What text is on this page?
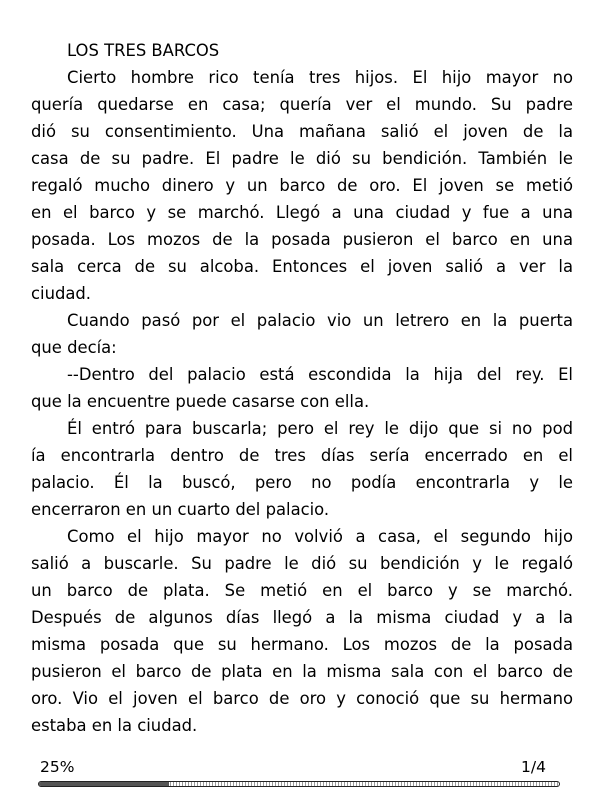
LOS TRES BARCOS
Cierto hombre rico tenía tres hijos. El hijo mayor no
quería quedarse en casa; quería ver el mundo. Su padre
dió su consentimiento. Una mañana salió el joven de la
casa de su padre. El padre le dió su bendición. También le
regaló mucho dinero y un barco de oro. El joven se metió
en el barco y se marchó. Llegó a una ciudad y fue a una
posada. Los mozos de la posada pusieron el barco en una
sala cerca de su alcoba. Entonces el joven salió a ver la
ciudad.
Cuando pasó por el palacio vio un letrero en la puerta
que decía:
--Dentro del palacio está escondida la hija del rey. El
que la encuentre puede casarse con ella.
Él entró para buscarla; pero el rey le dijo que si no pod
ía encontrarla dentro de tres días sería encerrado en el
palacio. Él la buscó, pero no podía encontrarla y le
encerraron en un cuarto del palacio.
Como el hijo mayor no volvió a casa, el segundo hijo
salió a buscarle. Su padre le dió su bendición y le regaló
un barco de plata. Se metió en el barco y se marchó.
Después de algunos días llegó a la misma ciudad y a la
misma posada que su hermano. Los mozos de la posada
pusieron el barco de plata en la misma sala con el barco de
oro. Vio el joven el barco de oro y conoció que su hermano
estaba en la ciudad.
25%	1/4
